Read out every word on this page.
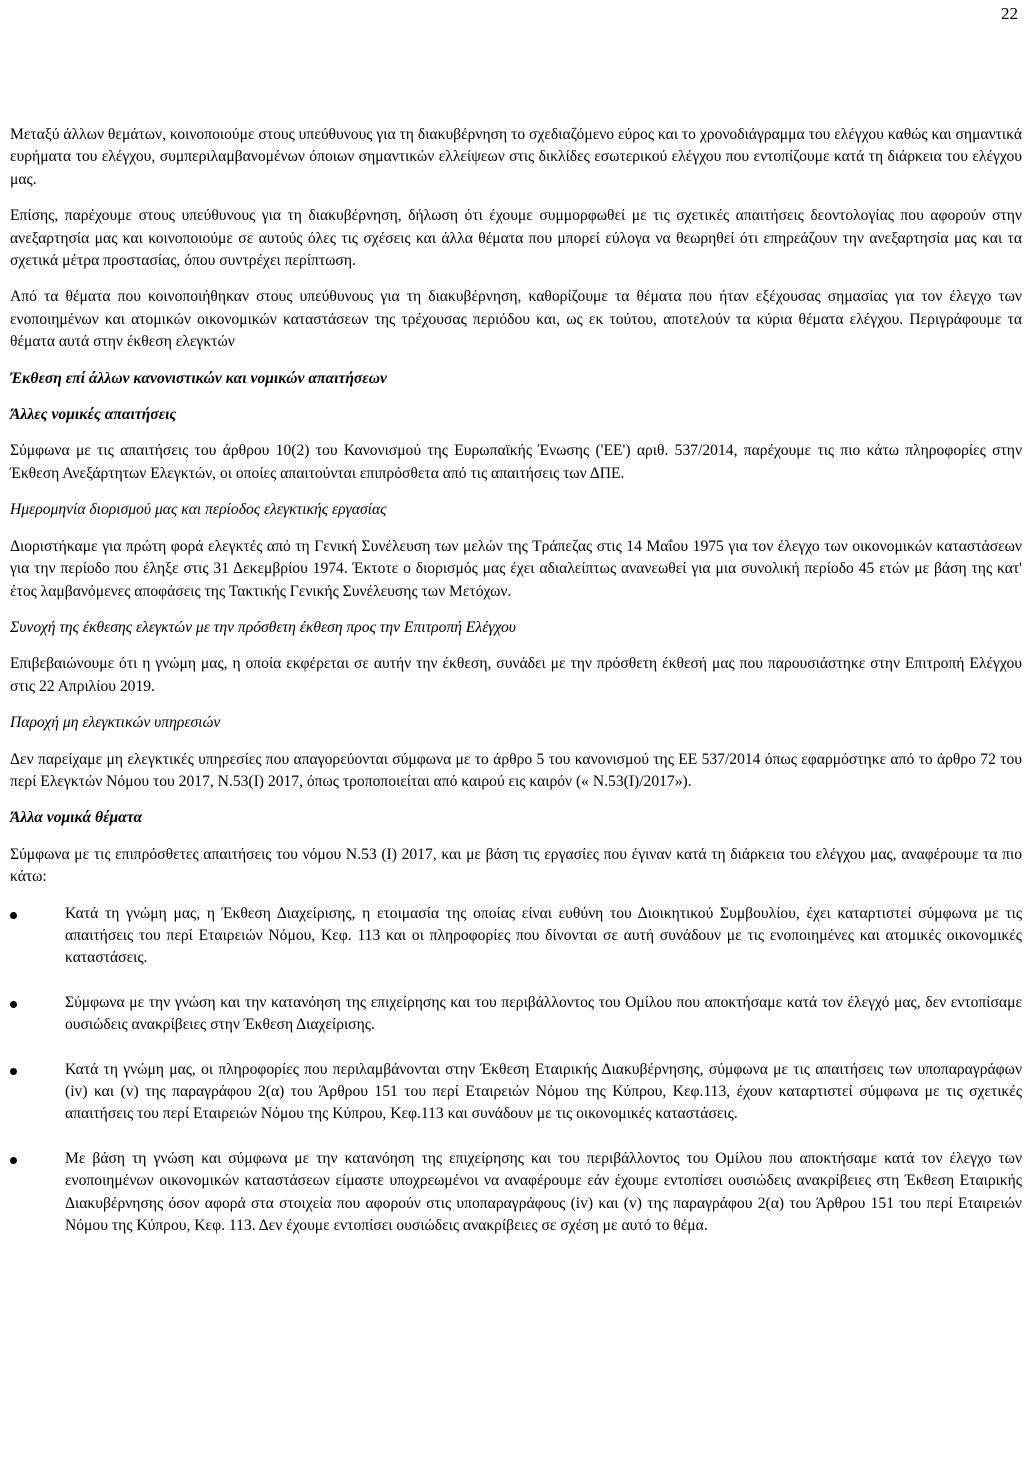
22

Μεταξύ άλλων θεμάτων, κοινοποιούμε στους υπεύθυνους για τη διακυβέρνηση το σχεδιαζόμενο εύρος και το χρονοδιάγραμμα του ελέγχου καθώς και σημαντικά ευρήματα του ελέγχου, συμπεριλαμβανομένων όποιων σημαντικών ελλείψεων στις δικλίδες εσωτερικού ελέγχου που εντοπίζουμε κατά τη διάρκεια του ελέγχου μας.

Επίσης, παρέχουμε στους υπεύθυνους για τη διακυβέρνηση, δήλωση ότι έχουμε συμμορφωθεί με τις σχετικές απαιτήσεις δεοντολογίας που αφορούν στην ανεξαρτησία μας και κοινοποιούμε σε αυτούς όλες τις σχέσεις και άλλα θέματα που μπορεί εύλογα να θεωρηθεί ότι επηρεάζουν την ανεξαρτησία μας και τα σχετικά μέτρα προστασίας, όπου συντρέχει περίπτωση.

Από τα θέματα που κοινοποιήθηκαν στους υπεύθυνους για τη διακυβέρνηση, καθορίζουμε τα θέματα που ήταν εξέχουσας σημασίας για τον έλεγχο των ενοποιημένων και ατομικών οικονομικών καταστάσεων της τρέχουσας περιόδου και, ως εκ τούτου, αποτελούν τα κύρια θέματα ελέγχου. Περιγράφουμε τα θέματα αυτά στην έκθεση ελεγκτών

Έκθεση επί άλλων κανονιστικών και νομικών απαιτήσεων

Άλλες νομικές απαιτήσεις

Σύμφωνα με τις απαιτήσεις του άρθρου 10(2) του Κανονισμού της Ευρωπαϊκής Ένωσης ('ΕΕ') αριθ. 537/2014, παρέχουμε τις πιο κάτω πληροφορίες στην Έκθεση Ανεξάρτητων Ελεγκτών, οι οποίες απαιτούνται επιπρόσθετα από τις απαιτήσεις των ΔΠΕ.

Ημερομηνία διορισμού μας και περίοδος ελεγκτικής εργασίας

Διοριστήκαμε για πρώτη φορά ελεγκτές από τη Γενική Συνέλευση των μελών της Τράπεζας στις 14 Μαΐου 1975 για τον έλεγχο των οικονομικών καταστάσεων για την περίοδο που έληξε στις 31 Δεκεμβρίου 1974. Έκτοτε ο διορισμός μας έχει αδιαλείπτως ανανεωθεί για μια συνολική περίοδο 45 ετών με βάση της κατ' έτος λαμβανόμενες αποφάσεις της Τακτικής Γενικής Συνέλευσης των Μετόχων.

Συνοχή της έκθεσης ελεγκτών με την πρόσθετη έκθεση προς την Επιτροπή Ελέγχου

Επιβεβαιώνουμε ότι η γνώμη μας, η οποία εκφέρεται σε αυτήν την έκθεση, συνάδει με την πρόσθετη έκθεσή μας που παρουσιάστηκε στην Επιτροπή Ελέγχου στις 22 Απριλίου 2019.

Παροχή μη ελεγκτικών υπηρεσιών

Δεν παρείχαμε μη ελεγκτικές υπηρεσίες που απαγορεύονται σύμφωνα με το άρθρο 5 του κανονισμού της ΕΕ 537/2014 όπως εφαρμόστηκε από το άρθρο 72 του περί Ελεγκτών Νόμου του 2017, Ν.53(Ι) 2017, όπως τροποποιείται από καιρού εις καιρόν (« Ν.53(Ι)/2017»).

Άλλα νομικά θέματα

Σύμφωνα με τις επιπρόσθετες απαιτήσεις του νόμου Ν.53 (Ι) 2017, και με βάση τις εργασίες που έγιναν κατά τη διάρκεια του ελέγχου μας, αναφέρουμε τα πιο κάτω:

Κατά τη γνώμη μας, η Έκθεση Διαχείρισης, η ετοιμασία της οποίας είναι ευθύνη του Διοικητικού Συμβουλίου, έχει καταρτιστεί σύμφωνα με τις απαιτήσεις του περί Εταιρειών Νόμου, Κεφ. 113 και οι πληροφορίες που δίνονται σε αυτή συνάδουν με τις ενοποιημένες και ατομικές οικονομικές καταστάσεις.
Σύμφωνα με την γνώση και την κατανόηση της επιχείρησης και του περιβάλλοντος του Ομίλου που αποκτήσαμε κατά τον έλεγχό μας, δεν εντοπίσαμε ουσιώδεις ανακρίβειες στην Έκθεση Διαχείρισης.
Κατά τη γνώμη μας, οι πληροφορίες που περιλαμβάνονται στην Έκθεση Εταιρικής Διακυβέρνησης, σύμφωνα με τις απαιτήσεις των υποπαραγράφων (iv) και (v) της παραγράφου 2(α) του Άρθρου 151 του περί Εταιρειών Νόμου της Κύπρου, Κεφ.113, έχουν καταρτιστεί σύμφωνα με τις σχετικές απαιτήσεις του περί Εταιρειών Νόμου της Κύπρου, Κεφ.113 και συνάδουν με τις οικονομικές καταστάσεις.
Με βάση τη γνώση και σύμφωνα με την κατανόηση της επιχείρησης και του περιβάλλοντος του Ομίλου που αποκτήσαμε κατά τον έλεγχο των ενοποιημένων οικονομικών καταστάσεων είμαστε υποχρεωμένοι να αναφέρουμε εάν έχουμε εντοπίσει ουσιώδεις ανακρίβειες στη Έκθεση Εταιρικής Διακυβέρνησης όσον αφορά στα στοιχεία που αφορούν στις υποπαραγράφους (iv) και (v) της παραγράφου 2(α) του Άρθρου 151 του περί Εταιρειών Νόμου της Κύπρου, Κεφ. 113. Δεν έχουμε εντοπίσει ουσιώδεις ανακρίβειες σε σχέση με αυτό το θέμα.
